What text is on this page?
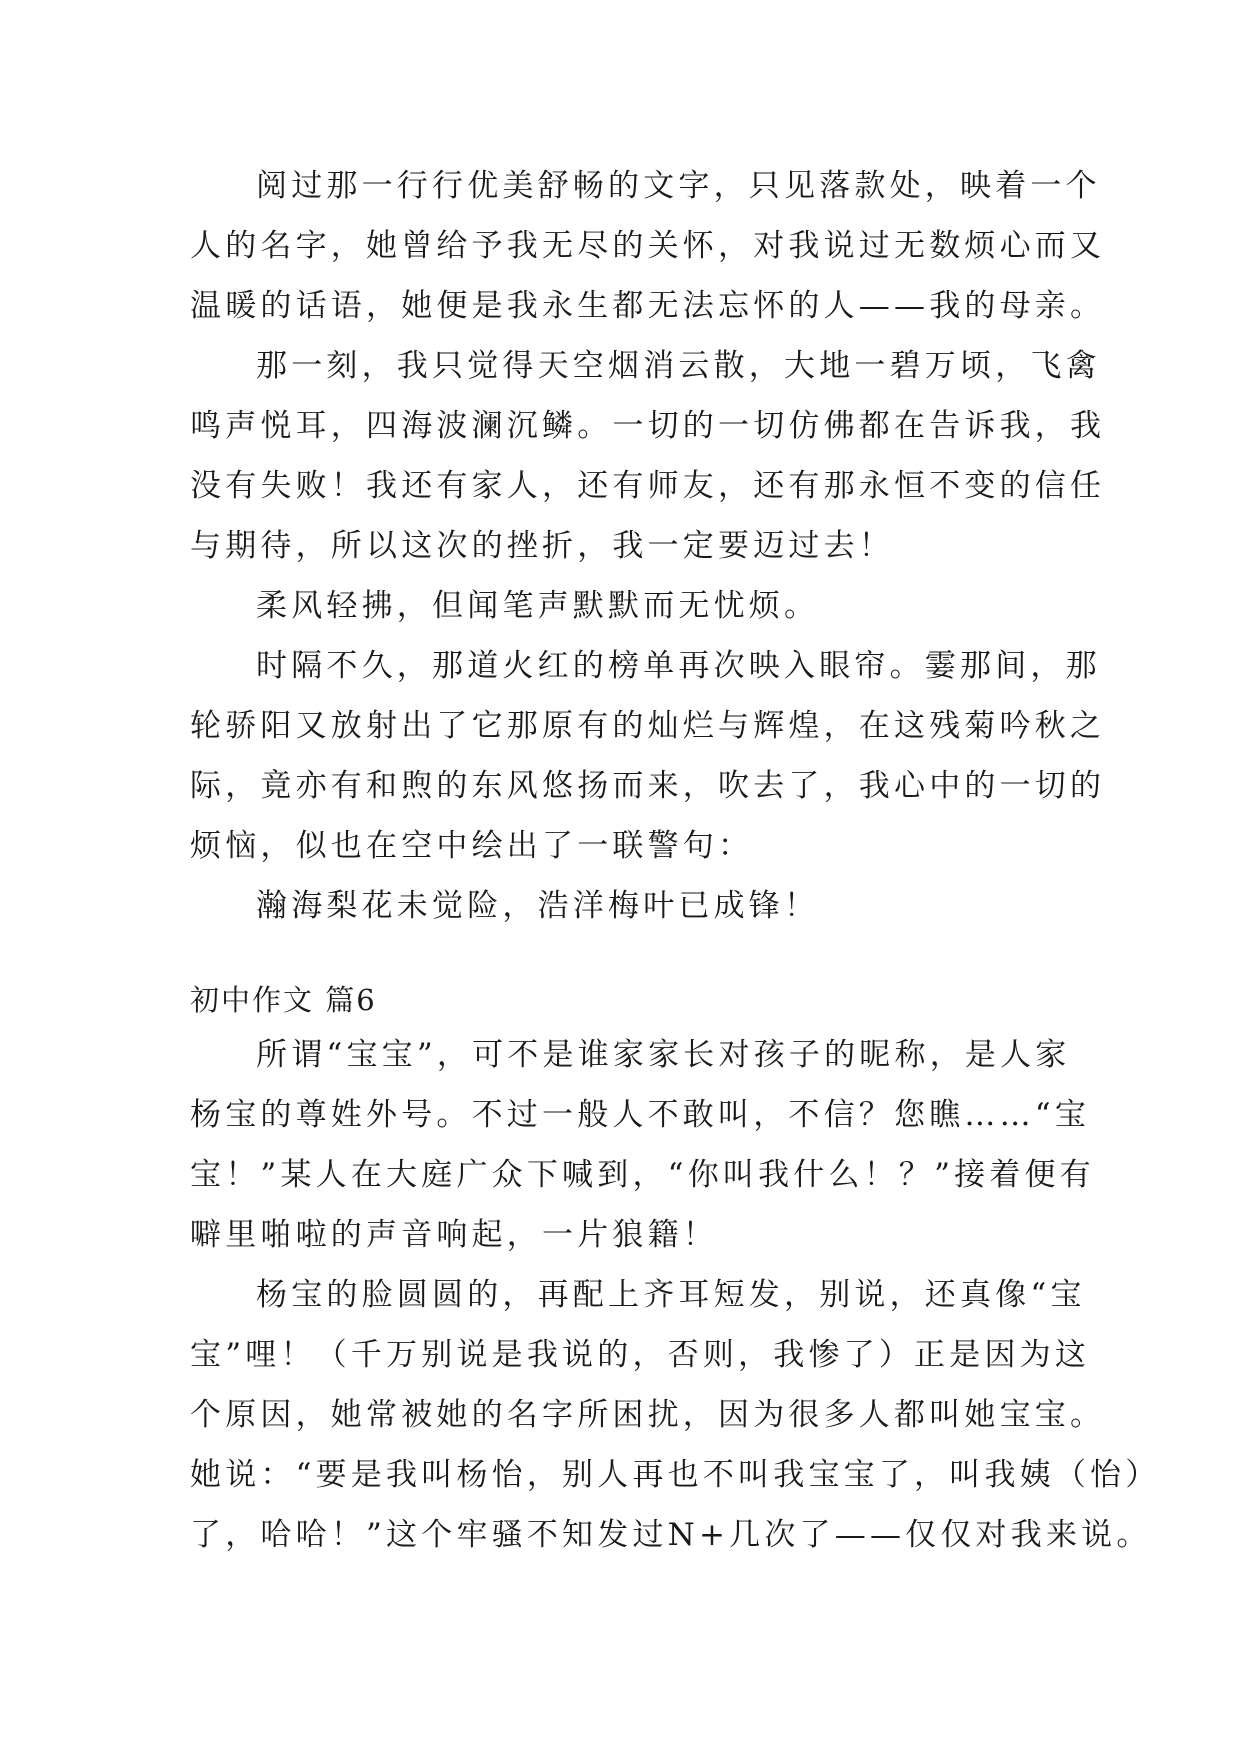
阅过那一行行优美舒畅的文字，只见落款处，映着一个
人的名字，她曾给予我无尽的关怀，对我说过无数烦心而又
温暖的话语，她便是我永生都无法忘怀的人——我的母亲。
那一刻，我只觉得天空烟消云散，大地一碧万顷，飞禽
鸣声悦耳，四海波澜沉鳞。一切的一切仿佛都在告诉我，我
没有失败！我还有家人，还有师友，还有那永恒不变的信任
与期待，所以这次的挫折，我一定要迈过去！
柔风轻拂，但闻笔声默默而无忧烦。
时隔不久，那道火红的榜单再次映入眼帘。霎那间，那
轮骄阳又放射出了它那原有的灿烂与辉煌，在这残菊吟秋之
际，竟亦有和煦的东风悠扬而来，吹去了，我心中的一切的
烦恼，似也在空中绘出了一联警句：
瀚海梨花未觉险，浩洋梅叶已成锋！
初中作文 篇6
所谓“宝宝”，可不是谁家家长对孩子的昵称，是人家
杨宝的尊姓外号。不过一般人不敢叫，不信？您瞧……“宝
宝！”某人在大庭广众下喊到，“你叫我什么！？”接着便有
噼里啪啦的声音响起，一片狼籍！
杨宝的脸圆圆的，再配上齐耳短发，别说，还真像“宝
宝”哩！（千万别说是我说的，否则，我惨了）正是因为这
个原因，她常被她的名字所困扰，因为很多人都叫她宝宝。
她说：“要是我叫杨怡，别人再也不叫我宝宝了，叫我姨（怡）
了，哈哈！”这个牢骚不知发过N+几次了——仅仅对我来说。
